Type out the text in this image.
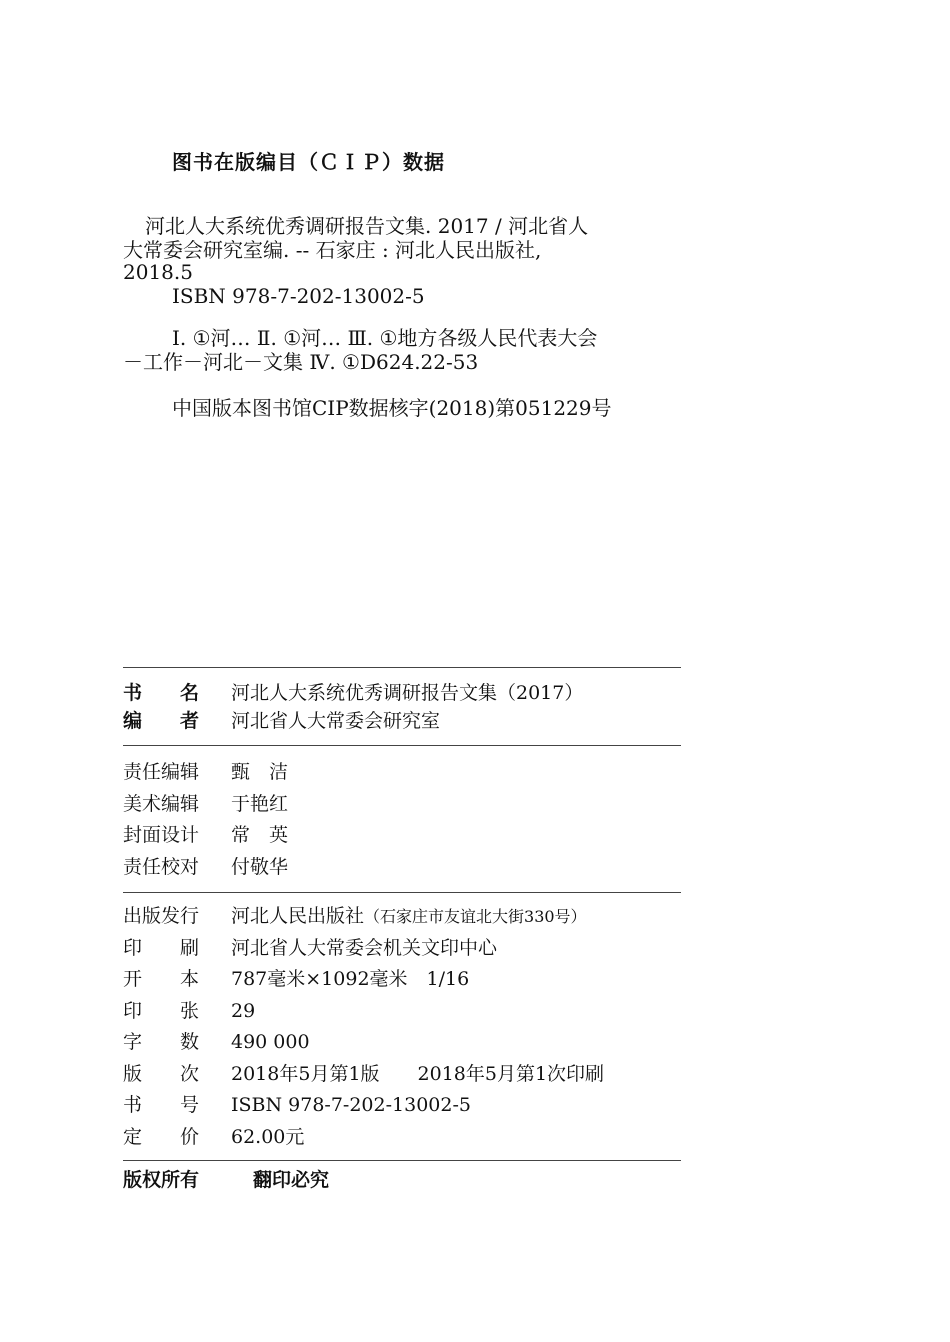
图书在版编目（ＣＩＰ）数据
河北人大系统优秀调研报告文集. 2017 / 河北省人
大常委会研究室编. -- 石家庄 : 河北人民出版社,
2018.5
ISBN 978-7-202-13002-5
Ⅰ. ①河… Ⅱ. ①河… Ⅲ. ①地方各级人民代表大会
－工作－河北－文集 Ⅳ. ①D624.22-53
中国版本图书馆CIP数据核字(2018)第051229号
书　　名 河北人大系统优秀调研报告文集（2017）
编　　者 河北省人大常委会研究室
责任编辑 甄　洁
美术编辑 于艳红
封面设计 常　英
责任校对 付敬华
出版发行 河北人民出版社（石家庄市友谊北大街330号）
印　　刷 河北省人大常委会机关文印中心
开　　本 787毫米×1092毫米　1/16
印　　张 29
字　　数 490 000
版　　次 2018年5月第1版　　2018年5月第1次印刷
书　　号 ISBN 978-7-202-13002-5
定　　价 62.00元
版权所有	翻印必究
